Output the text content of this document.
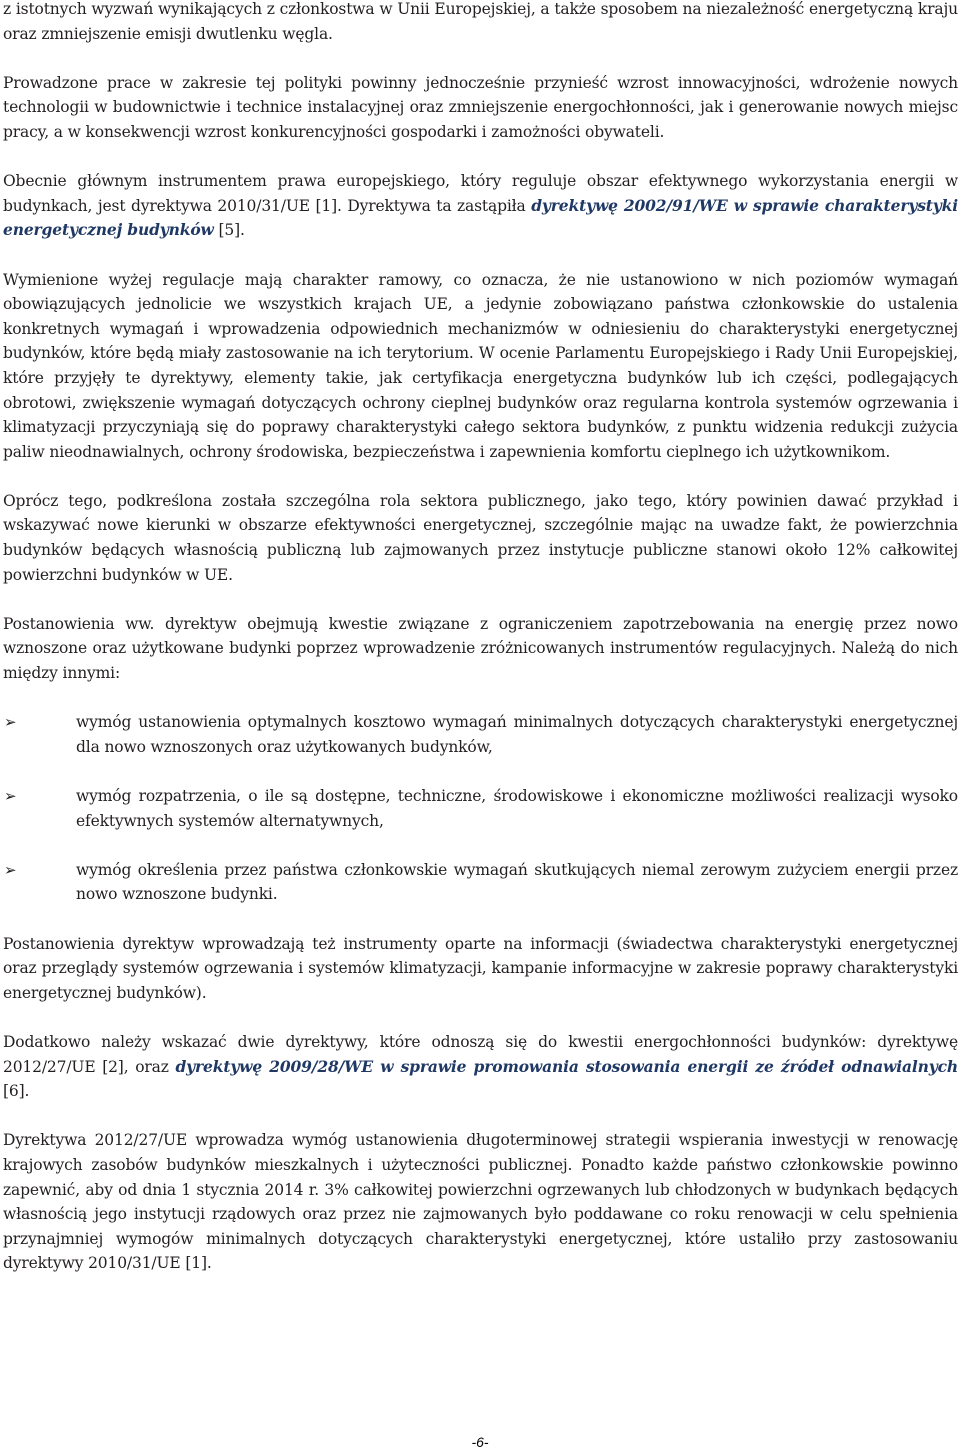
z istotnych wyzwań wynikających z członkostwa w Unii Europejskiej, a także sposobem na niezależność energetyczną kraju oraz zmniejszenie emisji dwutlenku węgla.

Prowadzone prace w zakresie tej polityki powinny jednocześnie przynieść wzrost innowacyjności, wdrożenie nowych technologii w budownictwie i technice instalacyjnej oraz zmniejszenie energochłonności, jak i generowanie nowych miejsc pracy, a w konsekwencji wzrost konkurencyjności gospodarki i zamożności obywateli.

Obecnie głównym instrumentem prawa europejskiego, który reguluje obszar efektywnego wykorzystania energii w budynkach, jest dyrektywa 2010/31/UE [1]. Dyrektywa ta zastąpiła dyrektywę 2002/91/WE w sprawie charakterystyki energetycznej budynków [5].

Wymienione wyżej regulacje mają charakter ramowy, co oznacza, że nie ustanowiono w nich poziomów wymagań obowiązujących jednolicie we wszystkich krajach UE, a jedynie zobowiązano państwa członkowskie do ustalenia konkretnych wymagań i wprowadzenia odpowiednich mechanizmów w odniesieniu do charakterystyki energetycznej budynków, które będą miały zastosowanie na ich terytorium. W ocenie Parlamentu Europejskiego i Rady Unii Europejskiej, które przyjęły te dyrektywy, elementy takie, jak certyfikacja energetyczna budynków lub ich części, podlegających obrotowi, zwiększenie wymagań dotyczących ochrony cieplnej budynków oraz regularna kontrola systemów ogrzewania i klimatyzacji przyczyniają się do poprawy charakterystyki całego sektora budynków, z punktu widzenia redukcji zużycia paliw nieodnawialnych, ochrony środowiska, bezpieczeństwa i zapewnienia komfortu cieplnego ich użytkownikom.

Oprócz tego, podkreślona została szczególna rola sektora publicznego, jako tego, który powinien dawać przykład i wskazywać nowe kierunki w obszarze efektywności energetycznej, szczególnie mając na uwadze fakt, że powierzchnia budynków będących własnością publiczną lub zajmowanych przez instytucje publiczne stanowi około 12% całkowitej powierzchni budynków w UE.

Postanowienia ww. dyrektyw obejmują kwestie związane z ograniczeniem zapotrzebowania na energię przez nowo wznoszone oraz użytkowane budynki poprzez wprowadzenie zróżnicowanych instrumentów regulacyjnych. Należą do nich między innymi:

➢	wymóg ustanowienia optymalnych kosztowo wymagań minimalnych dotyczących charakterystyki energetycznej dla nowo wznoszonych oraz użytkowanych budynków,
➢	wymóg rozpatrzenia, o ile są dostępne, techniczne, środowiskowe i ekonomiczne możliwości realizacji wysoko efektywnych systemów alternatywnych,
➢	wymóg określenia przez państwa członkowskie wymagań skutkujących niemal zerowym zużyciem energii przez nowo wznoszone budynki.

Postanowienia dyrektyw wprowadzają też instrumenty oparte na informacji (świadectwa charakterystyki energetycznej oraz przeglądy systemów ogrzewania i systemów klimatyzacji, kampanie informacyjne w zakresie poprawy charakterystyki energetycznej budynków).

Dodatkowo należy wskazać dwie dyrektywy, które odnoszą się do kwestii energochłonności budynków: dyrektywę 2012/27/UE [2], oraz dyrektywę 2009/28/WE w sprawie promowania stosowania energii ze źródeł odnawialnych [6].

Dyrektywa 2012/27/UE wprowadza wymóg ustanowienia długoterminowej strategii wspierania inwestycji w renowację krajowych zasobów budynków mieszkalnych i użyteczności publicznej. Ponadto każde państwo członkowskie powinno zapewnić, aby od dnia 1 stycznia 2014 r. 3% całkowitej powierzchni ogrzewanych lub chłodzonych w budynkach będących własnością jego instytucji rządowych oraz przez nie zajmowanych było poddawane co roku renowacji w celu spełnienia przynajmniej wymogów minimalnych dotyczących charakterystyki energetycznej, które ustaliło przy zastosowaniu dyrektywy 2010/31/UE [1].

-6-
